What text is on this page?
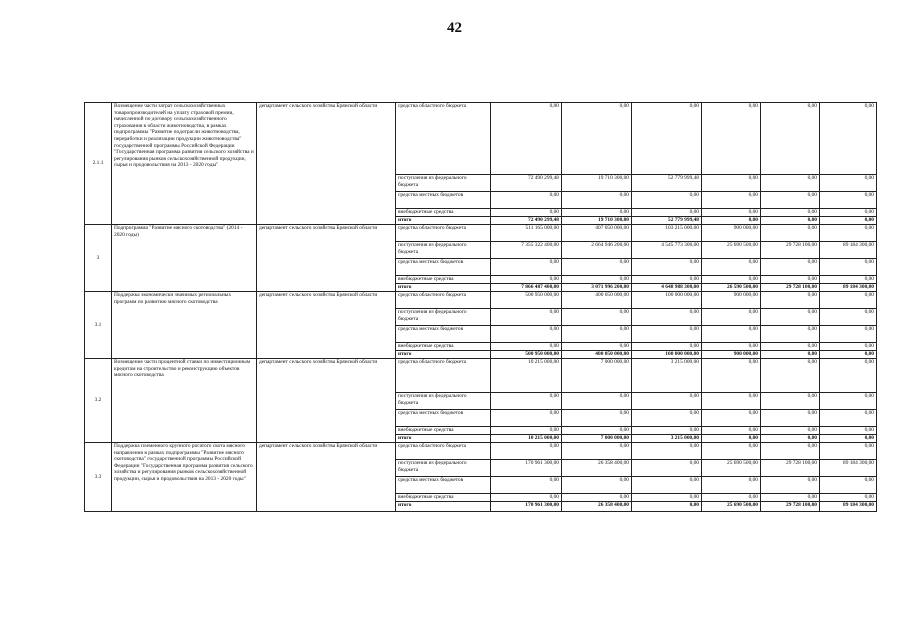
42
2.1.1	Возмещение части затрат сельскохозяйственных товаропроизводителей на уплату страховой премии, начисленной по договору сельскохозяйственного страхования в области животноводства, в рамках подпрограммы "Развитие подотрасли животноводства, переработки и реализации продукции животноводства" государственной программы Российской Федерации "Государственная программа развития сельского хозяйства и регулирования рынков сельскохозяйственной продукции, сырья и продовольствия на 2013 - 2020 годы"	департамент сельского хозяйства Брянской области	средства областного бюджета	0,00	0,00	0,00	0,00	0,00	0,00
			поступления из федерального бюджета	72 490 299,48	19 710 300,00	52 779 999,48	0,00	0,00	0,00
			средства местных бюджетов	0,00	0,00	0,00	0,00	0,00	0,00
			внебюджетные средства	0,00	0,00	0,00	0,00	0,00	0,00
			итого	72 490 299,48	19 710 300,00	52 779 999,48	0,00	0,00	0,00
3	Подпрограмма "Развитие мясного скотоводства" (2014 - 2020 годы)	департамент сельского хозяйства Брянской области	средства областного бюджета	511 165 000,00	407 050 000,00	103 215 000,00	900 000,00	0,00	0,00
			поступления из федерального бюджета	7 355 322 400,00	2 664 946 200,00	4 545 773 300,00	25 690 500,00	29 728 100,00	89 184 300,00
			средства местных бюджетов	0,00	0,00	0,00	0,00	0,00	0,00
			внебюджетные средства	0,00	0,00	0,00	0,00	0,00	0,00
			итого	7 866 487 400,00	3 071 996 200,00	4 648 988 300,00	26 590 500,00	29 728 100,00	89 184 300,00
3.1	Поддержка экономически значимых региональных программ по развитию мясного скотоводства	департамент сельского хозяйства Брянской области	средства областного бюджета	500 950 000,00	400 050 000,00	100 000 000,00	900 000,00	0,00	0,00
			поступления из федерального бюджета	0,00	0,00	0,00	0,00	0,00	0,00
			средства местных бюджетов	0,00	0,00	0,00	0,00	0,00	0,00
			внебюджетные средства	0,00	0,00	0,00	0,00	0,00	0,00
			итого	500 950 000,00	400 050 000,00	100 000 000,00	900 000,00	0,00	0,00
3.2	Возмещение части процентной ставки по инвестиционным кредитам на строительство и реконструкцию объектов мясного скотоводства	департамент сельского хозяйства Брянской области	средства областного бюджета	10 215 000,00	7 000 000,00	3 215 000,00	0,00	0,00	0,00
			поступления из федерального бюджета	0,00	0,00	0,00	0,00	0,00	0,00
			средства местных бюджетов	0,00	0,00	0,00	0,00	0,00	0,00
			внебюджетные средства	0,00	0,00	0,00	0,00	0,00	0,00
			итого	10 215 000,00	7 000 000,00	3 215 000,00	0,00	0,00	0,00
3.3	Поддержка племенного крупного рогатого скота мясного направления в рамках подпрограммы "Развитие мясного скотоводства" государственной программы Российской Федерации "Государственная программа развития сельского хозяйства и регулирования рынков сельскохозяйственной продукции, сырья и продовольствия на 2013 - 2020 годы"	департамент сельского хозяйства Брянской области	средства областного бюджета	0,00	0,00	0,00	0,00	0,00	0,00
			поступления из федерального бюджета	170 961 300,00	26 358 400,00	0,00	25 690 500,00	29 728 100,00	89 184 300,00
			средства местных бюджетов	0,00	0,00	0,00	0,00	0,00	0,00
			внебюджетные средства	0,00	0,00	0,00	0,00	0,00	0,00
			итого	170 961 300,00	26 358 400,00	0,00	25 690 500,00	29 728 100,00	89 184 300,00
